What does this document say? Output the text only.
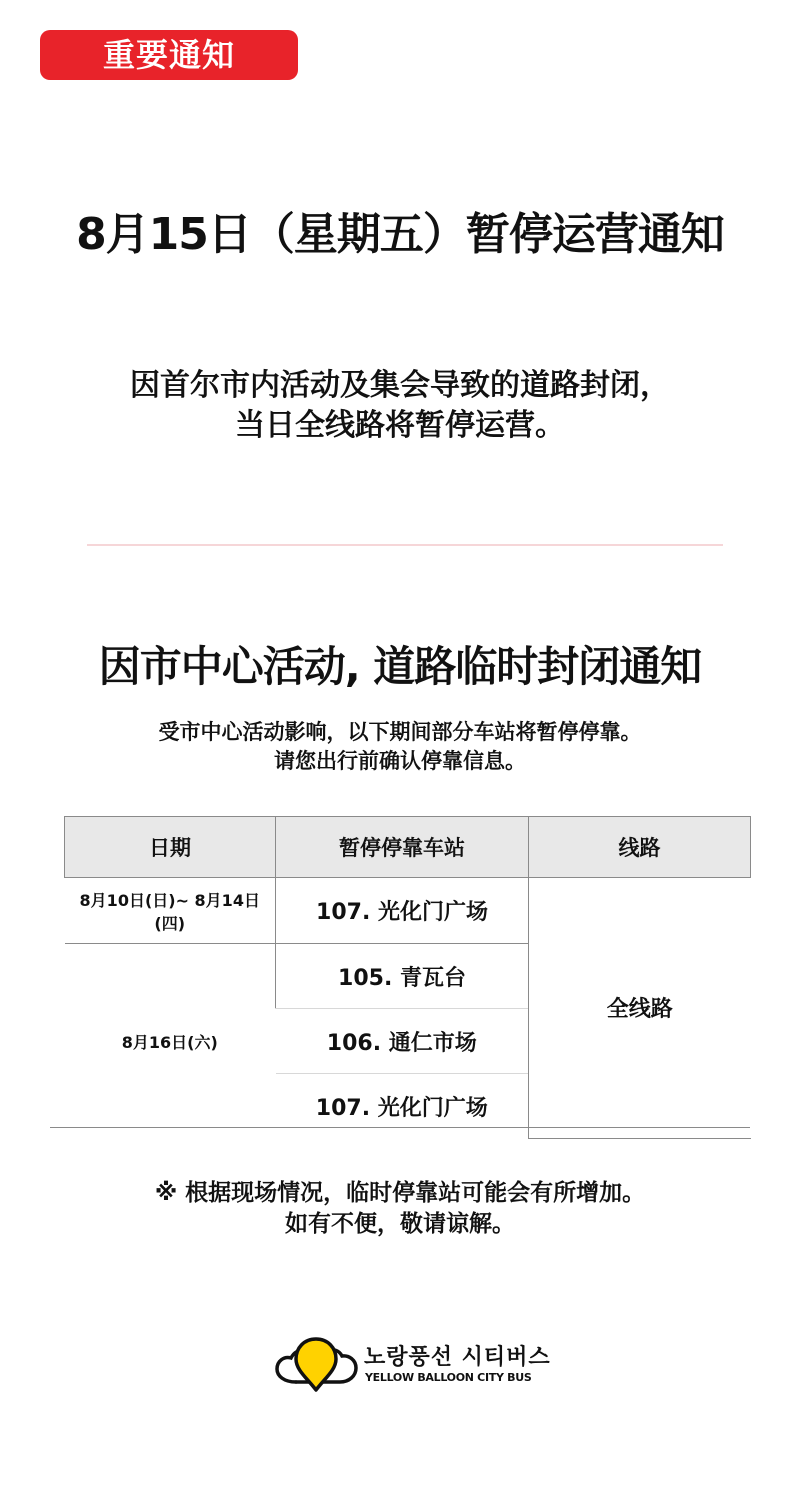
重要通知
8月15日（星期五）暂停运营通知
因首尔市内活动及集会导致的道路封闭，
当日全线路将暂停运营。
因市中心活动, 道路临时封闭通知
受市中心活动影响，以下期间部分车站将暂停停靠。
请您出行前确认停靠信息。
日期	暂停停靠车站	线路
8月10日(日)~ 8月14日(四)	107. 光化门广场	全线路
8月16日(六)	105. 青瓦台	
	106. 通仁市场	
	107. 光化门广场	
※ 根据现场情况，临时停靠站可能会有所增加。
如有不便，敬请谅解。
노랑풍선 시티버스
YELLOW BALLOON CITY BUS
